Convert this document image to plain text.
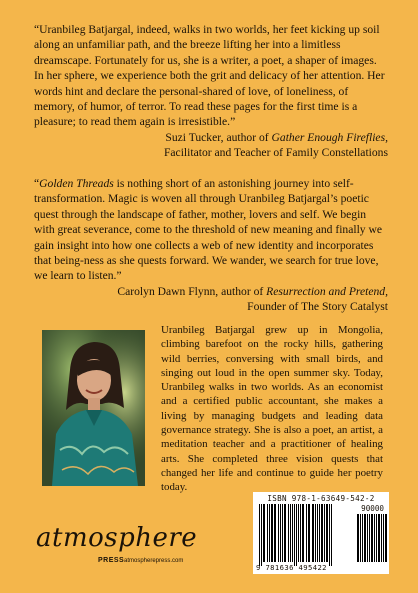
“Uranbileg Batjargal, indeed, walks in two worlds, her feet kicking up soil along an unfamiliar path, and the breeze lifting her into a limitless dreamscape. Fortunately for us, she is a writer, a poet, a shaper of images. In her sphere, we experience both the grit and delicacy of her attention. Her words hint and declare the personal-shared of love, of loneliness, of memory, of humor, of terror. To read these pages for the first time is a pleasure; to read them again is irresistible.”

Suzi Tucker, author of Gather Enough Fireflies,

Facilitator and Teacher of Family Constellations

“Golden Threads is nothing short of an astonishing journey into self-transformation. Magic is woven all through Uranbileg Batjargal’s poetic quest through the landscape of father, mother, lovers and self. We begin with great severance, come to the threshold of new meaning and finally we gain insight into how one collects a web of new identity and incorporates that being-ness as she quests forward. We wander, we search for true love, we learn to listen.”

Carolyn Dawn Flynn, author of Resurrection and Pretend,

Founder of The Story Catalyst

Uranbileg Batjargal grew up in Mongolia, climbing barefoot on the rocky hills, gathering wild berries, conversing with small birds, and singing out loud in the open summer sky. Today, Uranbileg walks in two worlds. As an economist and a certified public accountant, she makes a living by managing budgets and leading data governance strategy. She is also a poet, an artist, a meditation teacher and a practitioner of healing arts. She completed three vision quests that changed her life and continue to guide her poetry today.

atmosphere
PRESS atmospherepress.com
ISBN 978-1-63649-542-2
90000
9 781636 495422
